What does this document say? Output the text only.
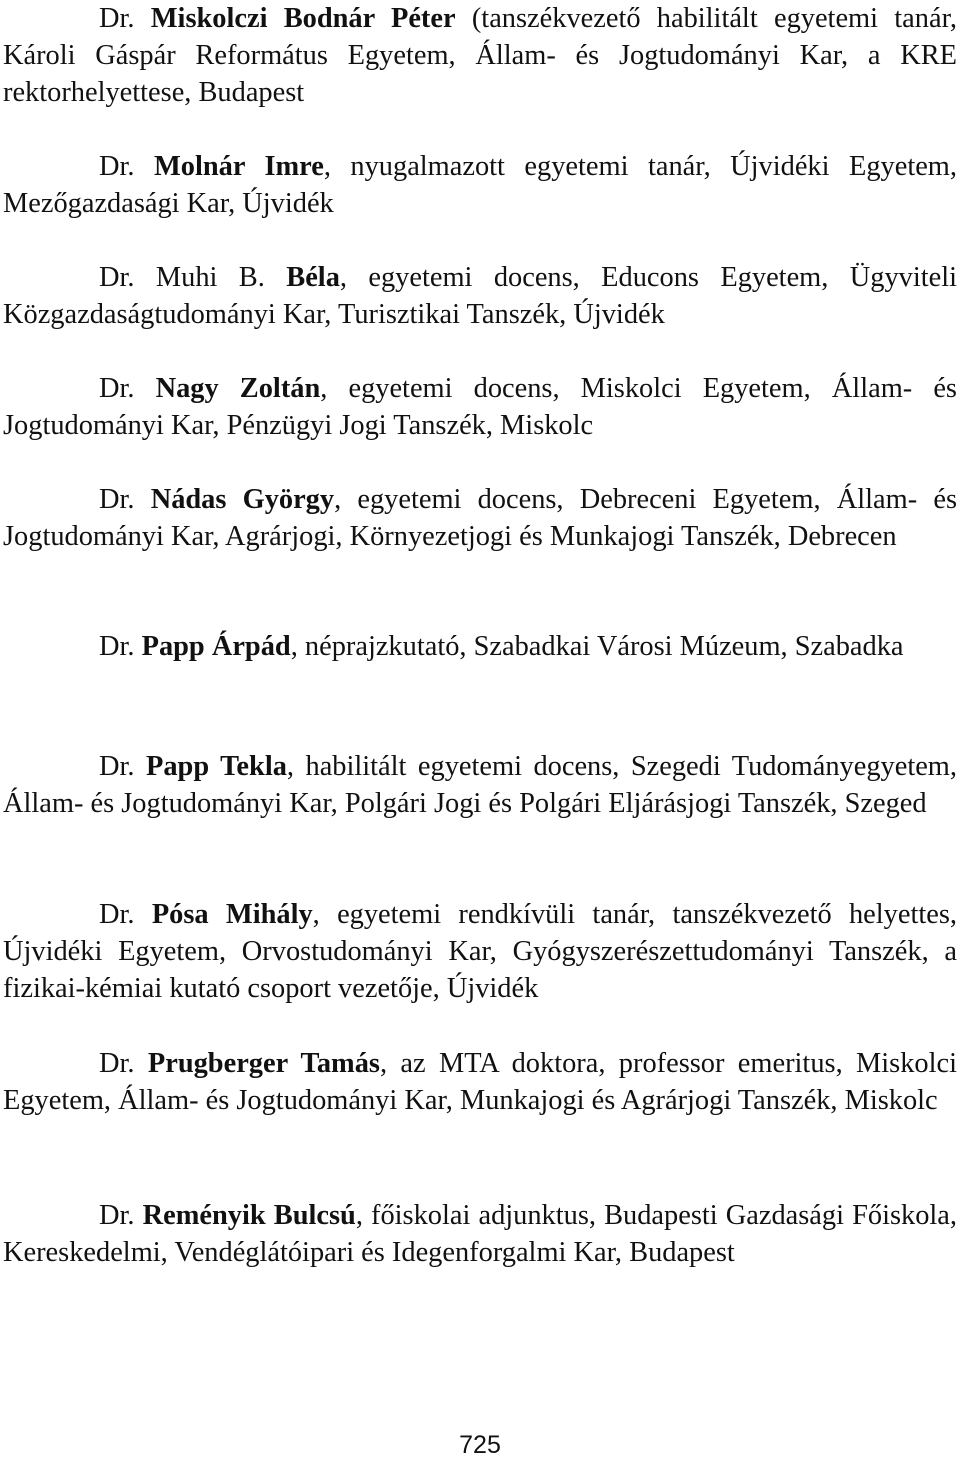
Dr. Miskolczi Bodnár Péter (tanszékvezető habilitált egyetemi tanár, Károli Gáspár Református Egyetem, Állam- és Jogtudományi Kar, a KRE rektorhelyettese, Budapest

Dr. Molnár Imre, nyugalmazott egyetemi tanár, Újvidéki Egyetem, Mezőgazdasági Kar, Újvidék

Dr. Muhi B. Béla, egyetemi docens, Educons Egyetem, Ügyviteli Közgazdaságtudományi Kar, Turisztikai Tanszék, Újvidék

Dr. Nagy Zoltán, egyetemi docens, Miskolci Egyetem, Állam- és Jogtudományi Kar, Pénzügyi Jogi Tanszék, Miskolc

Dr. Nádas György, egyetemi docens, Debreceni Egyetem, Állam- és Jogtudományi Kar, Agrárjogi, Környezetjogi és Munkajogi Tanszék, Debrecen

Dr. Papp Árpád, néprajzkutató, Szabadkai Városi Múzeum, Szabadka

Dr. Papp Tekla, habilitált egyetemi docens, Szegedi Tudományegyetem, Állam- és Jogtudományi Kar, Polgári Jogi és Polgári Eljárásjogi Tanszék, Szeged

Dr. Pósa Mihály, egyetemi rendkívüli tanár, tanszékvezető helyettes, Újvidéki Egyetem, Orvostudományi Kar, Gyógyszerészettudományi Tanszék, a fizikai-kémiai kutató csoport vezetője, Újvidék

Dr. Prugberger Tamás, az MTA doktora, professor emeritus, Miskolci Egyetem, Állam- és Jogtudományi Kar, Munkajogi és Agrárjogi Tanszék, Miskolc

Dr. Reményik Bulcsú, főiskolai adjunktus, Budapesti Gazdasági Főiskola, Kereskedelmi, Vendéglátóipari és Idegenforgalmi Kar, Budapest

725
